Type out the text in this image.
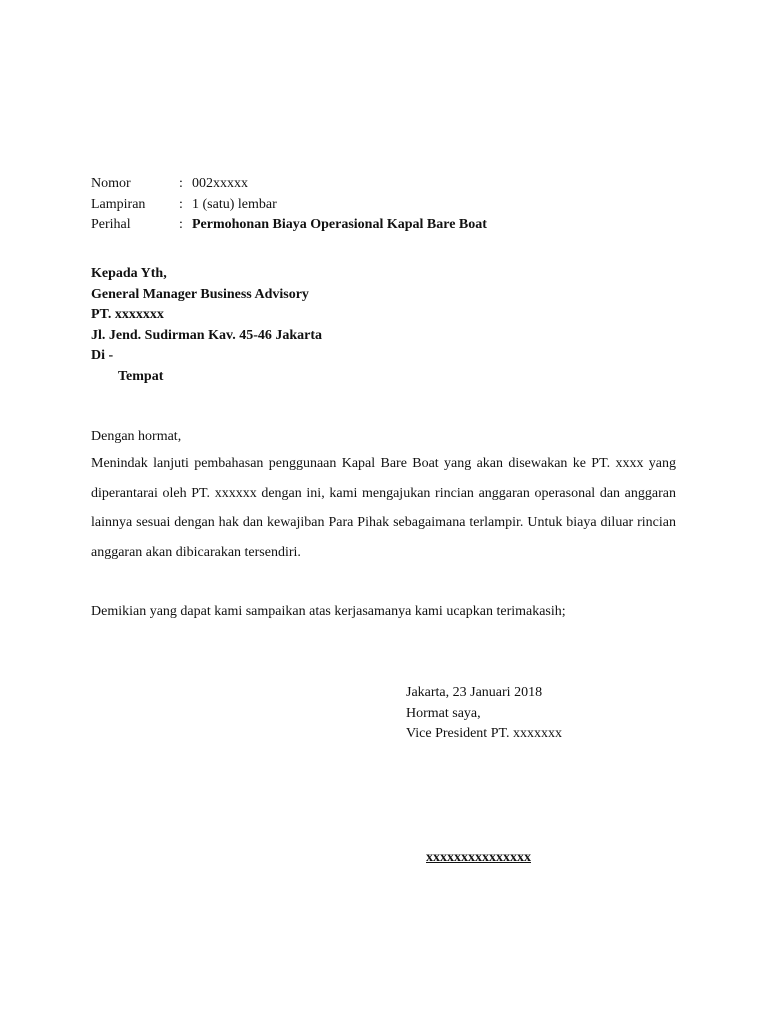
Nomor	: 002xxxxx
Lampiran	: 1 (satu) lembar
Perihal	: Permohonan Biaya Operasional Kapal Bare Boat
Kepada Yth,
General Manager Business Advisory
PT. xxxxxxx
Jl. Jend. Sudirman Kav. 45-46 Jakarta
Di -
Tempat

Dengan hormat,

Menindak lanjuti pembahasan penggunaan Kapal Bare Boat yang akan disewakan ke PT. xxxx yang diperantarai oleh PT. xxxxxx dengan ini, kami mengajukan rincian anggaran operasonal dan anggaran lainnya sesuai dengan hak dan kewajiban Para Pihak sebagaimana terlampir. Untuk biaya diluar rincian anggaran akan dibicarakan tersendiri.

Demikian yang dapat kami sampaikan atas kerjasamanya kami ucapkan terimakasih;

Jakarta, 23 Januari 2018
Hormat saya,
Vice President PT. xxxxxxx
xxxxxxxxxxxxxxx
